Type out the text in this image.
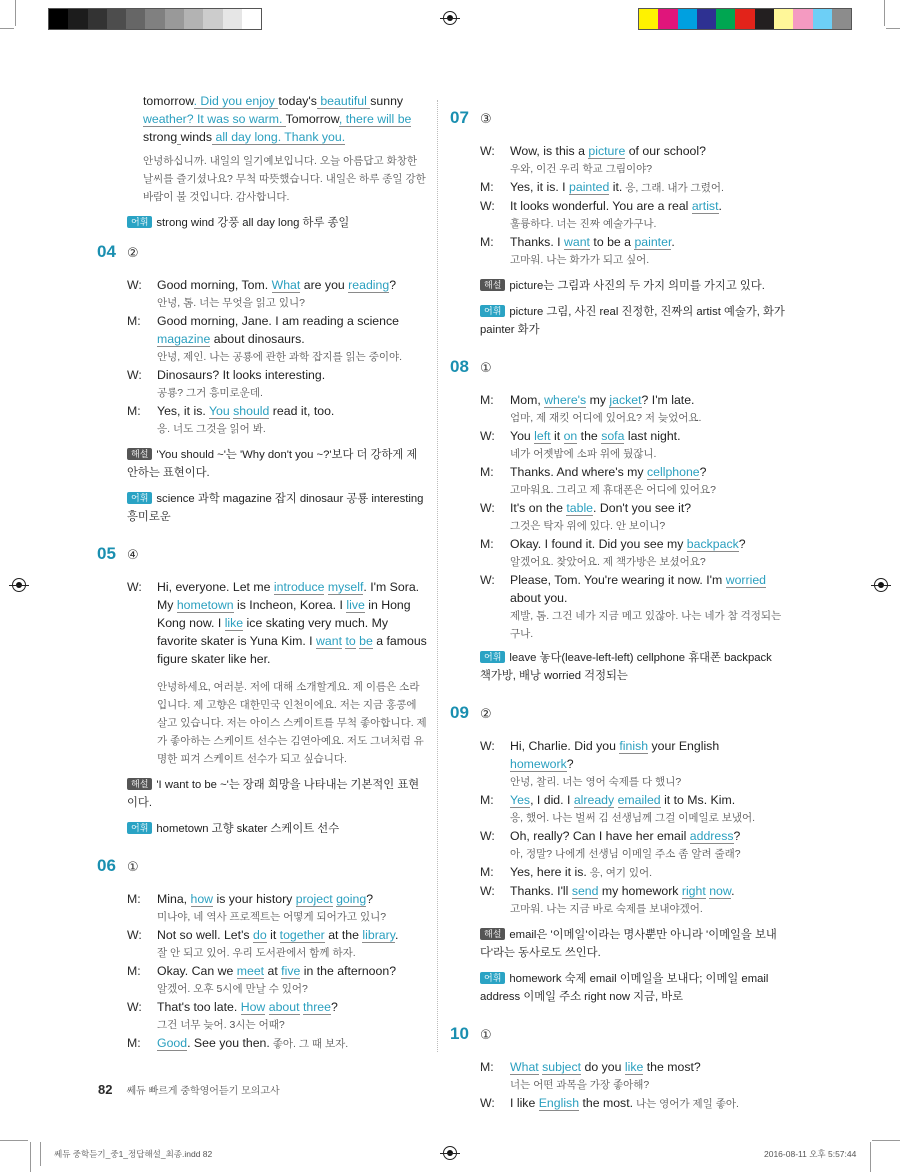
tomorrow. Did you enjoy today's beautiful sunny weather? It was so warm. Tomorrow, there will be strong winds all day long. Thank you.
안녕하십니까. 내일의 일기예보입니다. 오늘 아름답고 화창한 날씨를 즐기셨나요? 무척 따뜻했습니다. 내일은 하루 종일 강한 바람이 불 것입니다. 감사합니다.
어휘 strong wind 강풍 all day long 하루 종일
04 ②
W:	Good morning, Tom. What are you reading?
안녕, 톰. 너는 무엇을 읽고 있니?
M:	Good morning, Jane. I am reading a science magazine about dinosaurs.
안녕, 제인. 나는 공룡에 관한 과학 잡지를 읽는 중이야.
W:	Dinosaurs? It looks interesting.
공룡? 그거 흥미로운데.
M:	Yes, it is. You should read it, too.
응. 너도 그것을 읽어 봐.
해설 'You should ~'는 'Why don't you ~?'보다 더 강하게 제안하는 표현이다.
어휘 science 과학 magazine 잡지 dinosaur 공룡 interesting 흥미로운
05 ④
W:	Hi, everyone. Let me introduce myself. I'm Sora. My hometown is Incheon, Korea. I live in Hong Kong now. I like ice skating very much. My favorite skater is Yuna Kim. I want to be a famous figure skater like her.
안녕하세요, 여러분. 저에 대해 소개할게요. 제 이름은 소라입니다. 제 고향은 대한민국 인천이에요. 저는 지금 홍콩에 살고 있습니다. 저는 아이스 스케이트를 무척 좋아합니다. 제가 좋아하는 스케이트 선수는 김연아예요. 저도 그녀처럼 유명한 피겨 스케이트 선수가 되고 싶습니다.
해설 'I want to be ~'는 장래 희망을 나타내는 기본적인 표현이다.
어휘 hometown 고향 skater 스케이트 선수
06 ①
M:	Mina, how is your history project going?
미나야, 네 역사 프로젝트는 어떻게 되어가고 있니?
W:	Not so well. Let's do it together at the library.
잘 안 되고 있어. 우리 도서관에서 함께 하자.
M:	Okay. Can we meet at five in the afternoon?
알겠어. 오후 5시에 만날 수 있어?
W:	That's too late. How about three?
그건 너무 늦어. 3시는 어때?
M:	Good. See you then. 좋아. 그 때 보자.
07 ③
W:	Wow, is this a picture of our school?
우와, 이건 우리 학교 그림이야?
M:	Yes, it is. I painted it. 응, 그래. 내가 그렸어.
W:	It looks wonderful. You are a real artist.
훌륭하다. 너는 진짜 예술가구나.
M:	Thanks. I want to be a painter.
고마워. 나는 화가가 되고 싶어.
해설 picture는 그림과 사진의 두 가지 의미를 가지고 있다.
어휘 picture 그림, 사진 real 진정한, 진짜의 artist 예술가, 화가 painter 화가
08 ①
M:	Mom, where's my jacket? I'm late.
엄마, 제 재킷 어디에 있어요? 저 늦었어요.
W:	You left it on the sofa last night.
네가 어젯밤에 소파 위에 뒀잖니.
M:	Thanks. And where's my cellphone?
고마워요. 그리고 제 휴대폰은 어디에 있어요?
W:	It's on the table. Don't you see it?
그것은 탁자 위에 있다. 안 보이니?
M:	Okay. I found it. Did you see my backpack?
알겠어요. 찾았어요. 제 책가방은 보셨어요?
W:	Please, Tom. You're wearing it now. I'm worried about you.
제발, 톰. 그건 네가 지금 메고 있잖아. 나는 네가 참 걱정되는구나.
어휘 leave 놓다(leave-left-left) cellphone 휴대폰 backpack 책가방, 배낭 worried 걱정되는
09 ②
W:	Hi, Charlie. Did you finish your English homework?
안녕, 찰리. 너는 영어 숙제를 다 했니?
M:	Yes, I did. I already emailed it to Ms. Kim.
응, 했어. 나는 벌써 김 선생님께 그걸 이메일로 보냈어.
W:	Oh, really? Can I have her email address?
아, 정말? 나에게 선생님 이메일 주소 좀 알려 줄래?
M:	Yes, here it is. 응, 여기 있어.
W:	Thanks. I'll send my homework right now.
고마워. 나는 지금 바로 숙제를 보내야겠어.
해설 email은 '이메일'이라는 명사뿐만 아니라 '이메일을 보내다'라는 동사로도 쓰인다.
어휘 homework 숙제 email 이메일을 보내다; 이메일 email address 이메일 주소 right now 지금, 바로
10 ①
M:	What subject do you like the most?
너는 어떤 과목을 가장 좋아해?
W:	I like English the most. 나는 영어가 제일 좋아.
82 쎄듀 빠르게 중학영어듣기 모의고사
쎄듀 중학듣기_중1_정답해설_최종.indd 82	2016-08-11 오후 5:57:44
